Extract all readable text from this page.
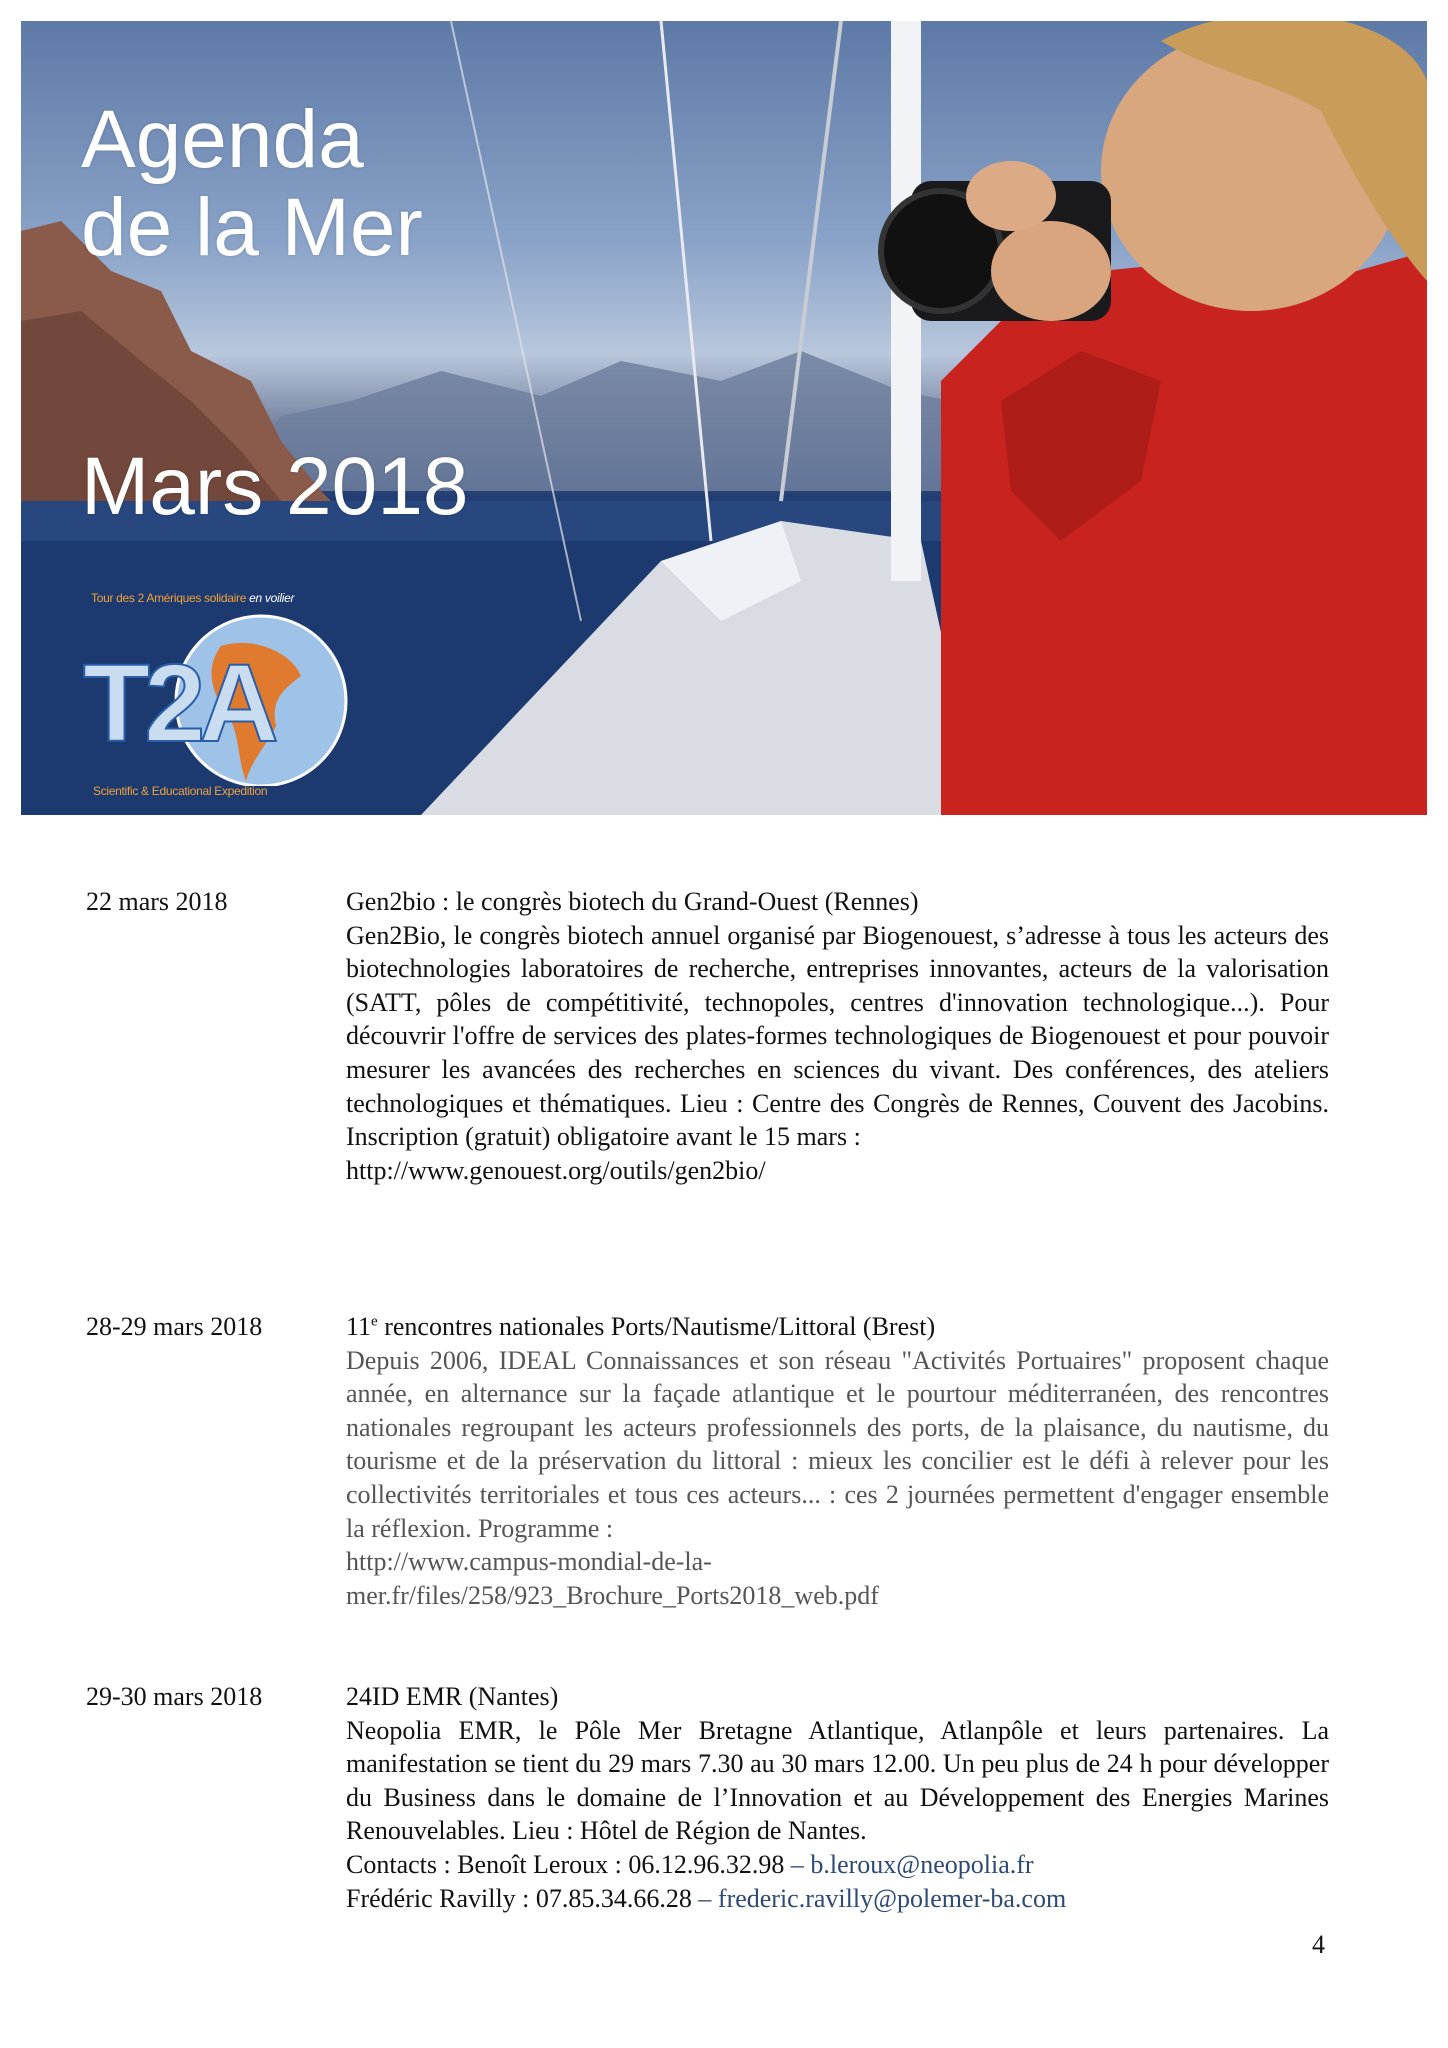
Agenda
de la Mer
Mars 2018
Tour des 2 Amériques solidaire en voilier
T2A
Scientific & Educational Expedition
22 mars 2018	Gen2bio : le congrès biotech du Grand-Ouest (Rennes)
Gen2Bio, le congrès biotech annuel organisé par Biogenouest, s’adresse à tous les acteurs des biotechnologies laboratoires de recherche, entreprises innovantes, acteurs de la valorisation (SATT, pôles de compétitivité, technopoles, centres d'innovation technologique...). Pour découvrir l'offre de services des plates-formes technologiques de Biogenouest et pour pouvoir mesurer les avancées des recherches en sciences du vivant. Des conférences, des ateliers technologiques et thématiques. Lieu : Centre des Congrès de Rennes, Couvent des Jacobins. Inscription (gratuit) obligatoire avant le 15 mars :
http://www.genouest.org/outils/gen2bio/
28-29 mars 2018	11e rencontres nationales Ports/Nautisme/Littoral (Brest)
Depuis 2006, IDEAL Connaissances et son réseau "Activités Portuaires" proposent chaque année, en alternance sur la façade atlantique et le pourtour méditerranéen, des rencontres nationales regroupant les acteurs professionnels des ports, de la plaisance, du nautisme, du tourisme et de la préservation du littoral : mieux les concilier est le défi à relever pour les collectivités territoriales et tous ces acteurs... : ces 2 journées permettent d'engager ensemble la réflexion. Programme :
http://www.campus-mondial-de-la-
mer.fr/files/258/923_Brochure_Ports2018_web.pdf
29-30 mars 2018	24ID EMR (Nantes)
Neopolia EMR, le Pôle Mer Bretagne Atlantique, Atlanpôle et leurs partenaires. La manifestation se tient du 29 mars 7.30 au 30 mars 12.00. Un peu plus de 24 h pour développer du Business dans le domaine de l’Innovation et au Développement des Energies Marines Renouvelables. Lieu : Hôtel de Région de Nantes.
Contacts : Benoît Leroux : 06.12.96.32.98 – b.leroux@neopolia.fr
Frédéric Ravilly : 07.85.34.66.28 – frederic.ravilly@polemer-ba.com
4
